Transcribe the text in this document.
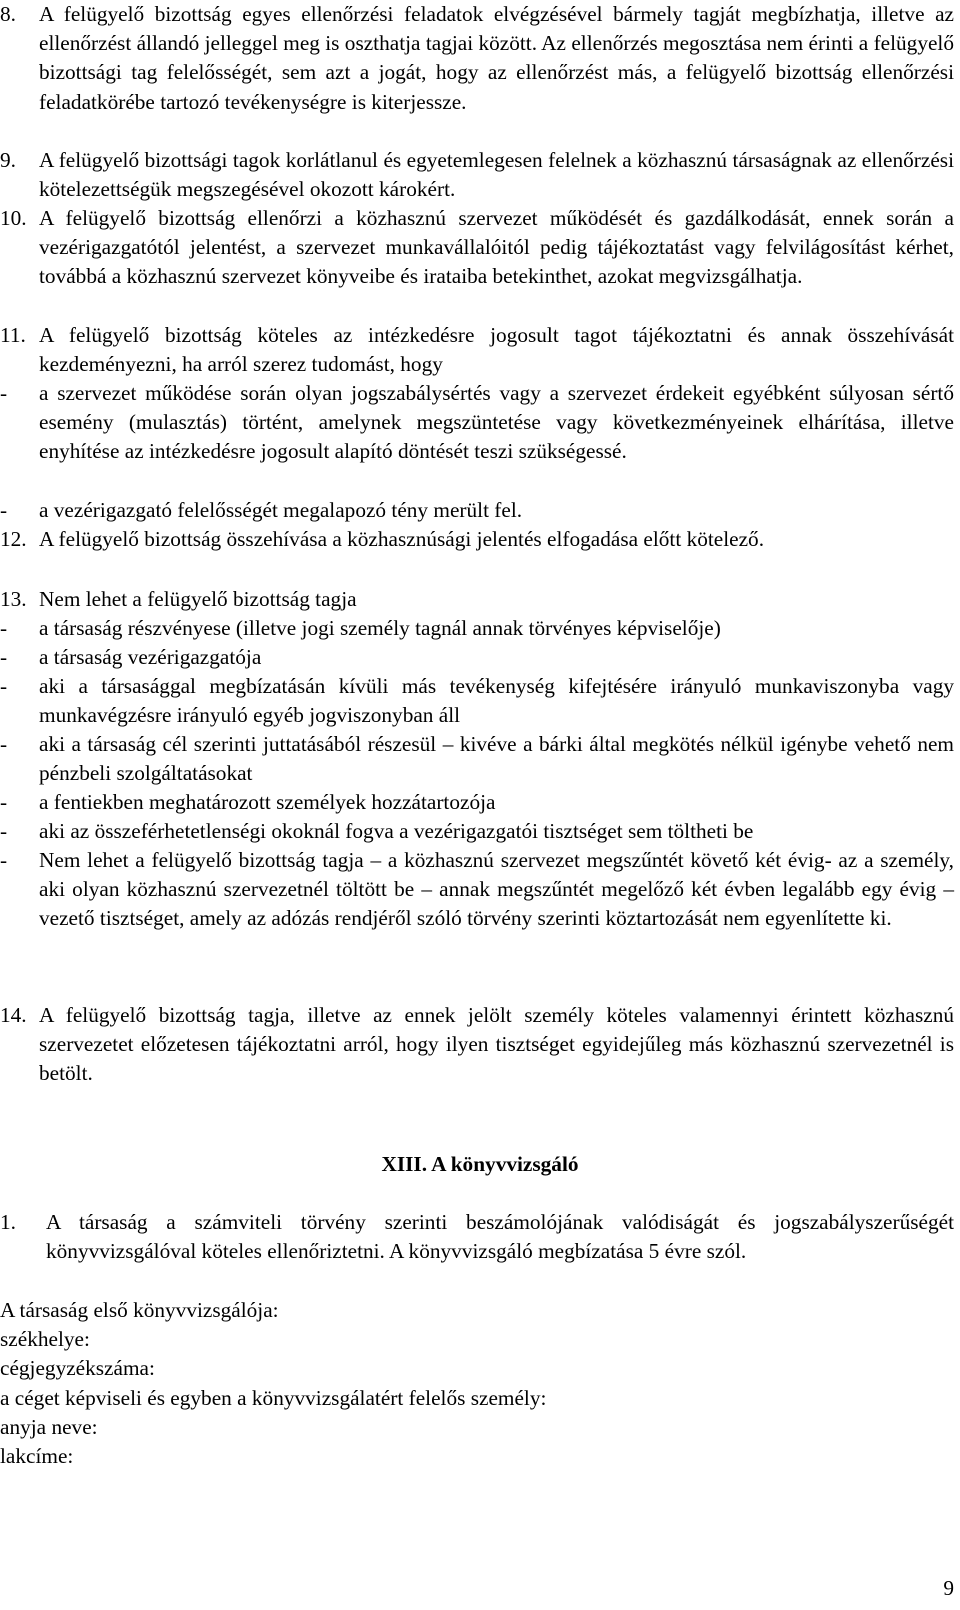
8. A felügyelő bizottság egyes ellenőrzési feladatok elvégzésével bármely tagját megbízhatja, illetve az ellenőrzést állandó jelleggel meg is oszthatja tagjai között. Az ellenőrzés megosztása nem érinti a felügyelő bizottsági tag felelősségét, sem azt a jogát, hogy az ellenőrzést más, a felügyelő bizottság ellenőrzési feladatkörébe tartozó tevékenységre is kiterjessze.
9. A felügyelő bizottsági tagok korlátlanul és egyetemlegesen felelnek a közhasznú társaságnak az ellenőrzési kötelezettségük megszegésével okozott károkért.
10. A felügyelő bizottság ellenőrzi a közhasznú szervezet működését és gazdálkodását, ennek során a vezérigazgatótól jelentést, a szervezet munkavállalóitól pedig tájékoztatást vagy felvilágosítást kérhet, továbbá a közhasznú szervezet könyveibe és irataiba betekinthet, azokat megvizsgálhatja.
11. A felügyelő bizottság köteles az intézkedésre jogosult tagot tájékoztatni és annak összehívását kezdeményezni, ha arról szerez tudomást, hogy
- a szervezet működése során olyan jogszabálysértés vagy a szervezet érdekeit egyébként súlyosan sértő esemény (mulasztás) történt, amelynek megszüntetése vagy következményeinek elhárítása, illetve enyhítése az intézkedésre jogosult alapító döntését teszi szükségessé.
- a vezérigazgató felelősségét megalapozó tény merült fel.
12. A felügyelő bizottság összehívása a közhasznúsági jelentés elfogadása előtt kötelező.
13. Nem lehet a felügyelő bizottság tagja
- a társaság részvényese (illetve jogi személy tagnál annak törvényes képviselője)
- a társaság vezérigazgatója
- aki a társasággal megbízatásán kívüli más tevékenység kifejtésére irányuló munkaviszonyba vagy munkavégzésre irányuló egyéb jogviszonyban áll
- aki a társaság cél szerinti juttatásából részesül – kivéve a bárki által megkötés nélkül igénybe vehető nem pénzbeli szolgáltatásokat
- a fentiekben meghatározott személyek hozzátartozója
- aki az összeférhetetlenségi okoknál fogva a vezérigazgatói tisztséget sem töltheti be
- Nem lehet a felügyelő bizottság tagja – a közhasznú szervezet megszűntét követő két évig- az a személy, aki olyan közhasznú szervezetnél töltött be – annak megszűntét megelőző két évben legalább egy évig – vezető tisztséget, amely az adózás rendjéről szóló törvény szerinti köztartozását nem egyenlítette ki.
14. A felügyelő bizottság tagja, illetve az ennek jelölt személy köteles valamennyi érintett közhasznú szervezetet előzetesen tájékoztatni arról, hogy ilyen tisztséget egyidejűleg más közhasznú szervezetnél is betölt.
XIII. A könyvvizsgáló
1. A társaság a számviteli törvény szerinti beszámolójának valódiságát és jogszabályszerűségét könyvvizsgálóval köteles ellenőriztetni. A könyvvizsgáló megbízatása 5 évre szól.
A társaság első könyvvizsgálója:
székhelye:
cégjegyzékszáma:
a céget képviseli és egyben a könyvvizsgálatért felelős személy:
anyja neve:
lakcíme:
9
